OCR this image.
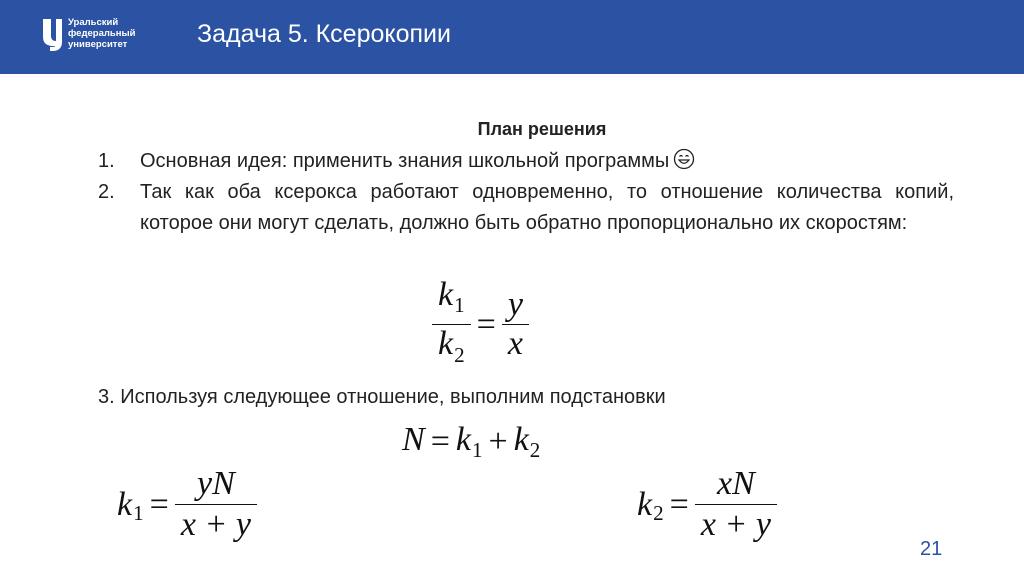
Уральский
федеральный
университет	Задача 5. Ксерокопии
План решения
1. Основная идея: применить знания школьной программы
2. Так как оба ксерокса работают одновременно, то отношение количества копий, которое они могут сделать, должно быть обратно пропорционально их скоростям:
$\frac{k_1}{k_2} = \frac{y}{x}$
3. Используя следующее отношение, выполним подстановки
$N = k_1 + k_2$
$k_1 = \frac{yN}{x + y}$	$k_2 = \frac{xN}{x + y}$
21
